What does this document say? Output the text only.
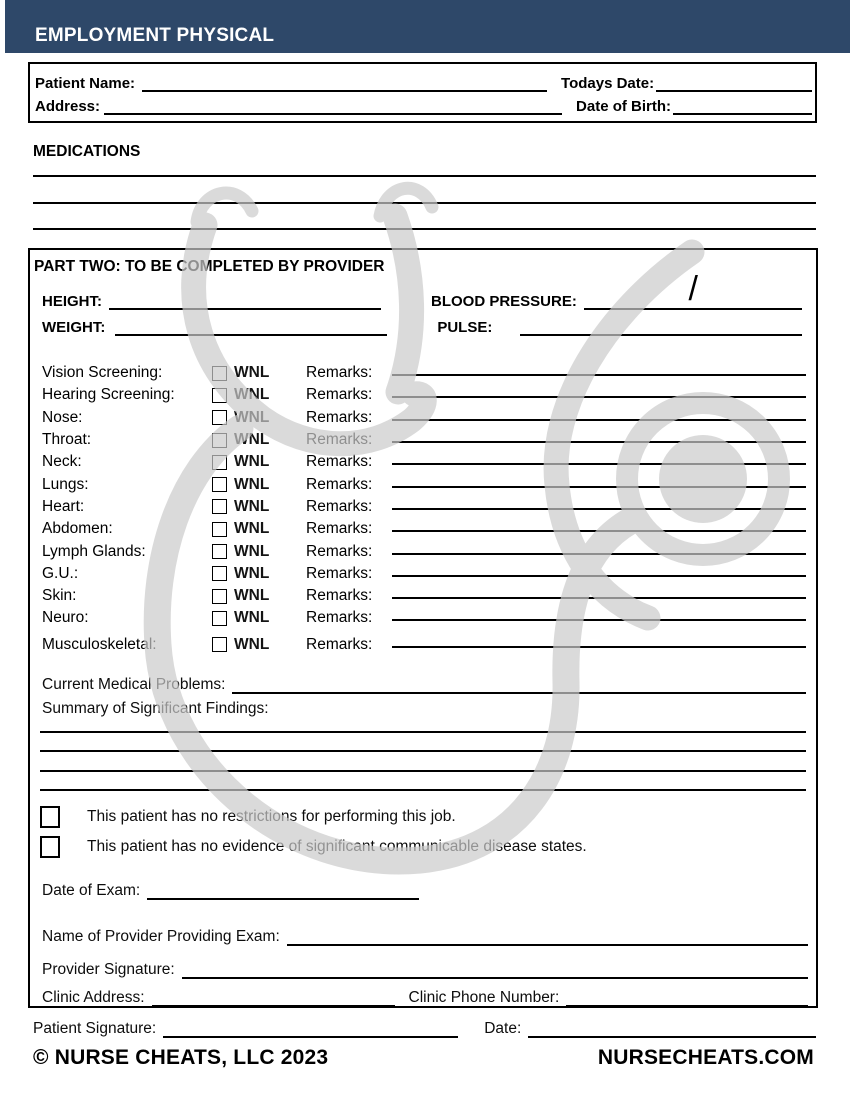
EMPLOYMENT PHYSICAL
Patient Name:	Todays Date:
Address:	Date of Birth:
MEDICATIONS
PART TWO: TO BE COMPLETED BY PROVIDER
/
HEIGHT:	BLOOD PRESSURE:
WEIGHT:	PULSE:
Vision Screening:	WNL	Remarks:
Hearing Screening:	WNL	Remarks:
Nose:	WNL	Remarks:
Throat:	WNL	Remarks:
Neck:	WNL	Remarks:
Lungs:	WNL	Remarks:
Heart:	WNL	Remarks:
Abdomen:	WNL	Remarks:
Lymph Glands:	WNL	Remarks:
G.U.:	WNL	Remarks:
Skin:	WNL	Remarks:
Neuro:	WNL	Remarks:
Musculoskeletal:	WNL	Remarks:
Current Medical Problems:
Summary of Significant Findings:
This patient has no restrictions for performing this job.
This patient has no evidence of significant communicable disease states.
Date of Exam:
Name of Provider Providing Exam:
Provider Signature:
Clinic Address:	Clinic Phone Number:
Patient Signature:	Date:
© NURSE CHEATS, LLC 2023	NURSECHEATS.COM
